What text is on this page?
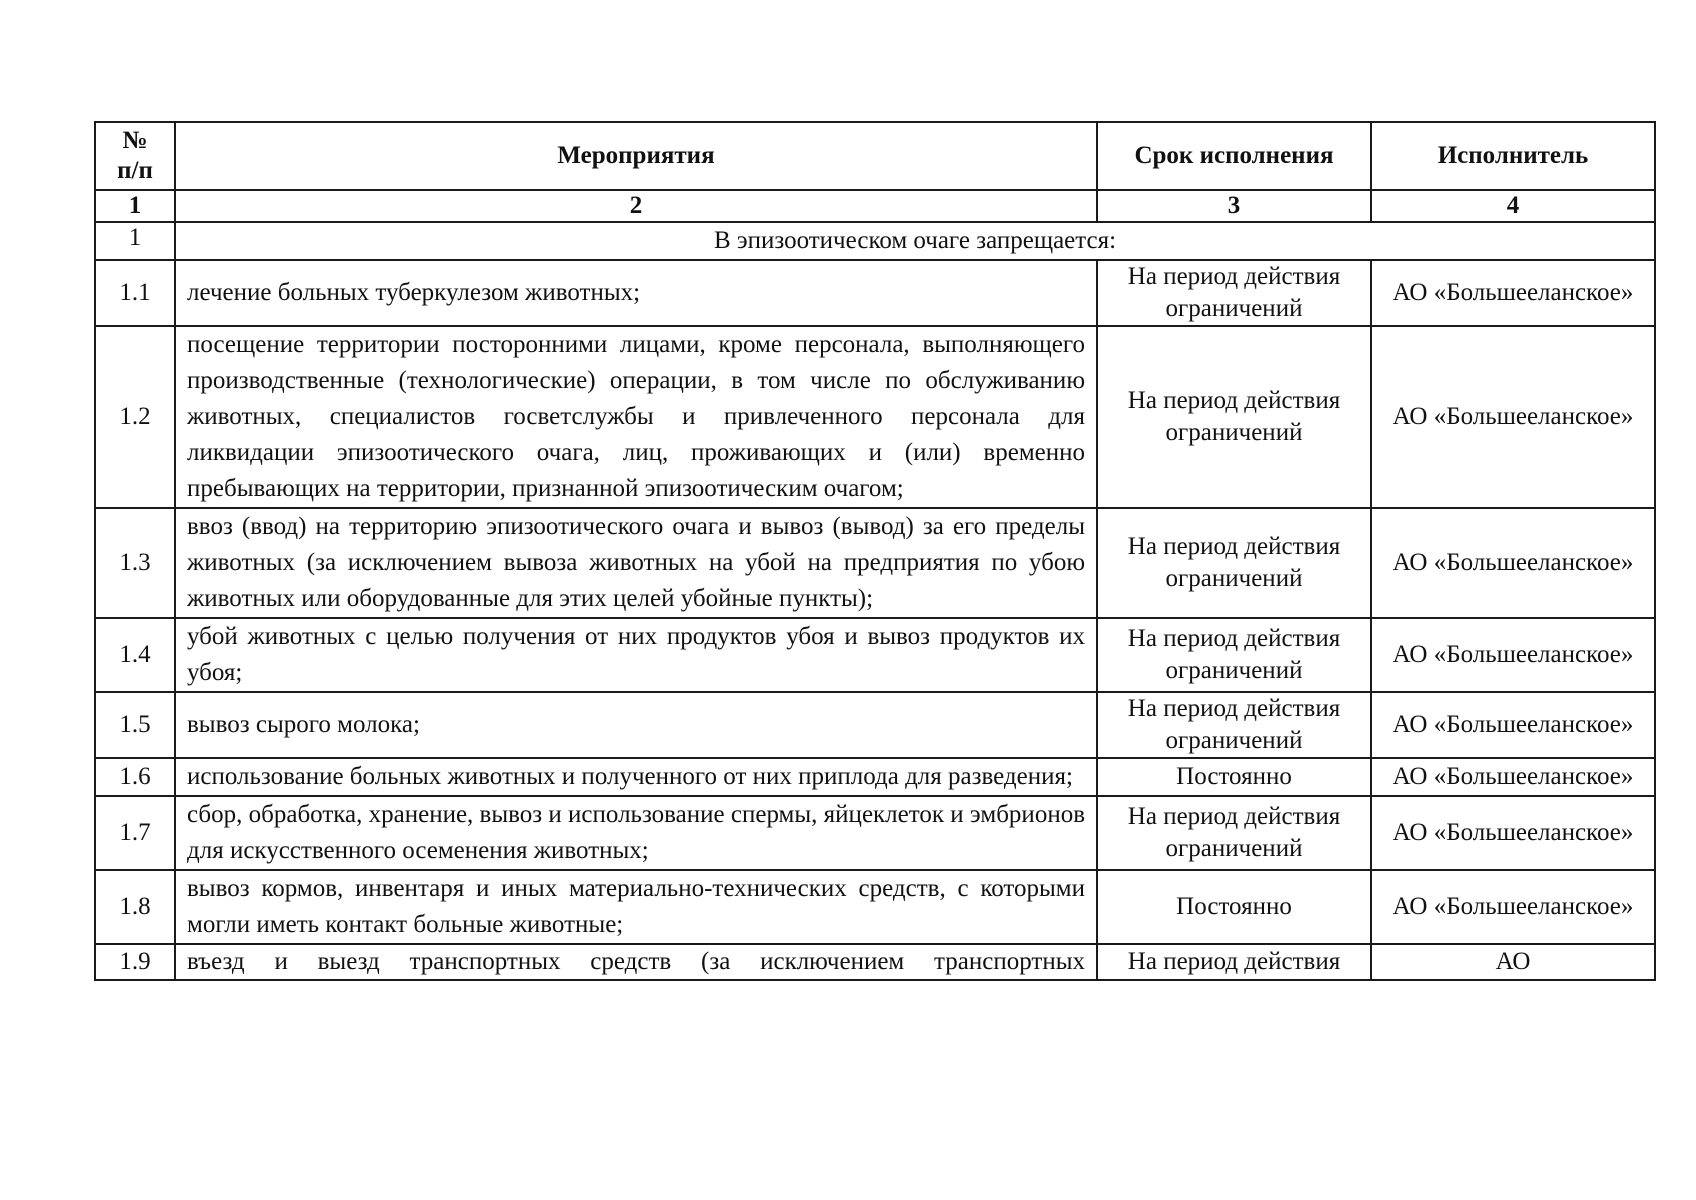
№ п/п	Мероприятия	Срок исполнения	Исполнитель
1	2	3	4
1	В эпизоотическом очаге запрещается:		
1.1	лечение больных туберкулезом животных;	На период действия ограничений	АО «Большееланское»
1.2	посещение территории посторонними лицами, кроме персонала, выполняющего производственные (технологические) операции, в том числе по обслуживанию животных, специалистов госветслужбы и привлеченного персонала для ликвидации эпизоотического очага, лиц, проживающих и (или) временно пребывающих на территории, признанной эпизоотическим очагом;	На период действия ограничений	АО «Большееланское»
1.3	ввоз (ввод) на территорию эпизоотического очага и вывоз (вывод) за его пределы животных (за исключением вывоза животных на убой на предприятия по убою животных или оборудованные для этих целей убойные пункты);	На период действия ограничений	АО «Большееланское»
1.4	убой животных с целью получения от них продуктов убоя и вывоз продуктов их убоя;	На период действия ограничений	АО «Большееланское»
1.5	вывоз сырого молока;	На период действия ограничений	АО «Большееланское»
1.6	использование больных животных и полученного от них приплода для разведения;	Постоянно	АО «Большееланское»
1.7	сбор, обработка, хранение, вывоз и использование спермы, яйцеклеток и эмбрионов для искусственного осеменения животных;	На период действия ограничений	АО «Большееланское»
1.8	вывоз кормов, инвентаря и иных материально-технических средств, с которыми могли иметь контакт больные животные;	Постоянно	АО «Большееланское»
1.9	въезд и выезд транспортных средств (за исключением транспортных	На период действия	АО
